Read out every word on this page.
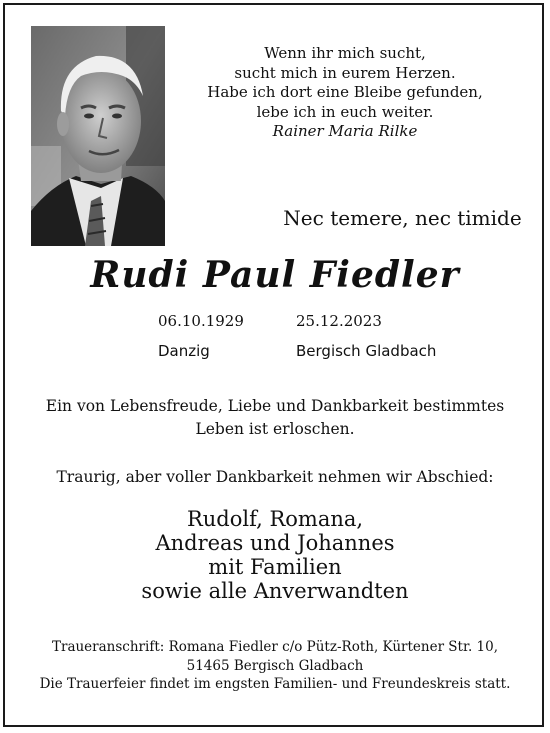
Wenn ihr mich sucht,
sucht mich in eurem Herzen.
Habe ich dort eine Bleibe gefunden,
lebe ich in euch weiter.
Rainer Maria Rilke
Nec temere, nec timide
Rudi Paul Fiedler
06.10.1929	25.12.2023
Danzig	Bergisch Gladbach
Ein von Lebensfreude, Liebe und Dankbarkeit bestimmtes
Leben ist erloschen.
Traurig, aber voller Dankbarkeit nehmen wir Abschied:
Rudolf, Romana,
Andreas und Johannes
mit Familien
sowie alle Anverwandten
Traueranschrift: Romana Fiedler c/o Pütz-Roth, Kürtener Str. 10,
51465 Bergisch Gladbach
Die Trauerfeier findet im engsten Familien- und Freundeskreis statt.
